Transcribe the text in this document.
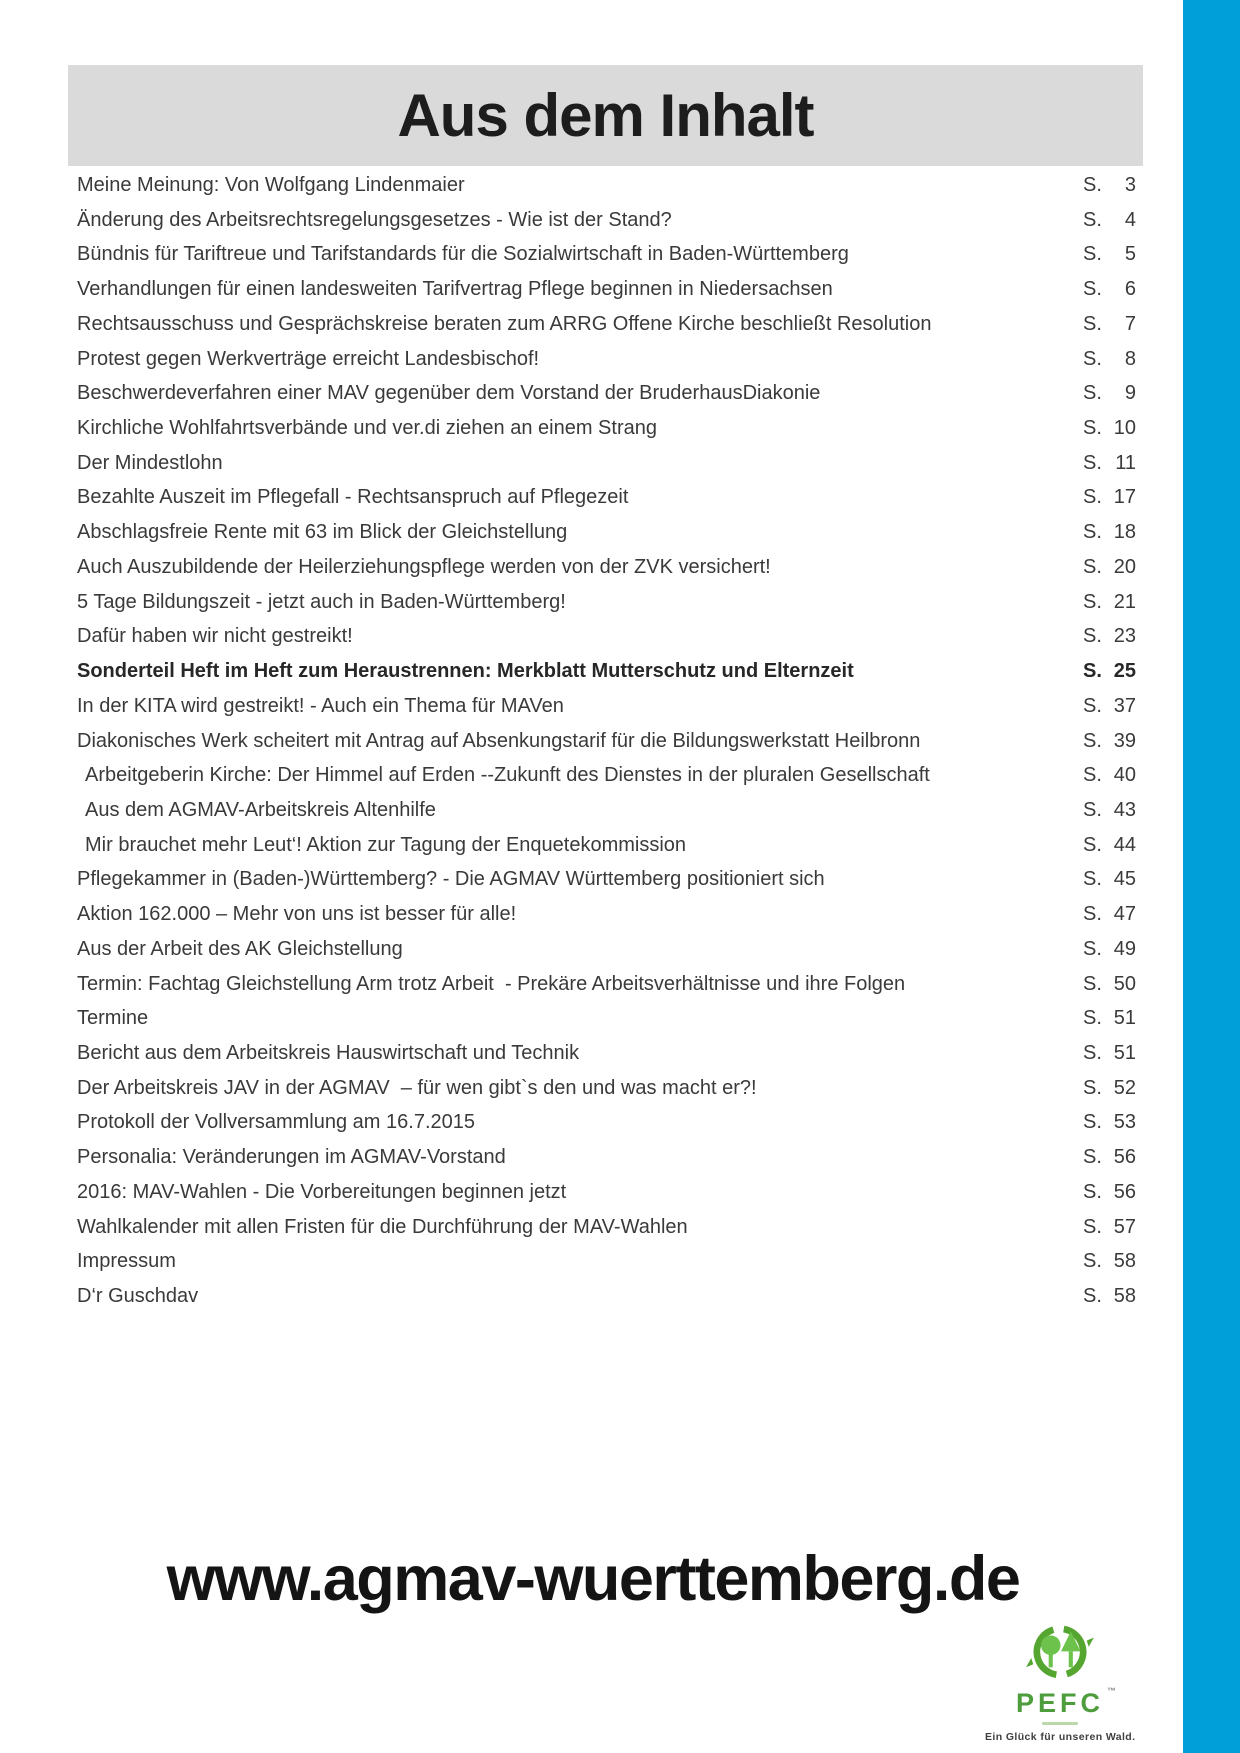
Aus dem Inhalt
Meine Meinung: Von Wolfgang Lindenmaier	S.	3
Änderung des Arbeitsrechtsregelungsgesetzes - Wie ist der Stand?	S.	4
Bündnis für Tariftreue und Tarifstandards für die Sozialwirtschaft in Baden-Württemberg	S.	5
Verhandlungen für einen landesweiten Tarifvertrag Pflege beginnen in Niedersachsen	S.	6
Rechtsausschuss und Gesprächskreise beraten zum ARRG Offene Kirche beschließt Resolution	S.	7
Protest gegen Werkverträge erreicht Landesbischof!	S.	8
Beschwerdeverfahren einer MAV gegenüber dem Vorstand der BruderhausDiakonie	S.	9
Kirchliche Wohlfahrtsverbände und ver.di ziehen an einem Strang	S. 10
Der Mindestlohn	S. 11
Bezahlte Auszeit im Pflegefall - Rechtsanspruch auf Pflegezeit	S. 17
Abschlagsfreie Rente mit 63 im Blick der Gleichstellung	S. 18
Auch Auszubildende der Heilerziehungspflege werden von der ZVK versichert!	S. 20
5 Tage Bildungszeit - jetzt auch in Baden-Württemberg!	S. 21
Dafür haben wir nicht gestreikt!	S. 23
Sonderteil Heft im Heft zum Heraustrennen: Merkblatt Mutterschutz und Elternzeit	S. 25
In der KITA wird gestreikt! - Auch ein Thema für MAVen	S. 37
Diakonisches Werk scheitert mit Antrag auf Absenkungstarif für die Bildungswerkstatt Heilbronn	S. 39
Arbeitgeberin Kirche: Der Himmel auf Erden --Zukunft des Dienstes in der pluralen Gesellschaft	S. 40
Aus dem AGMAV-Arbeitskreis Altenhilfe	S. 43
Mir brauchet mehr Leut‘! Aktion zur Tagung der Enquetekommission	S. 44
Pflegekammer in (Baden-)Württemberg? - Die AGMAV Württemberg positioniert sich	S. 45
Aktion 162.000 – Mehr von uns ist besser für alle!	S. 47
Aus der Arbeit des AK Gleichstellung	S. 49
Termin: Fachtag Gleichstellung Arm trotz Arbeit  - Prekäre Arbeitsverhältnisse und ihre Folgen	S. 50
Termine	S. 51
Bericht aus dem Arbeitskreis Hauswirtschaft und Technik	S. 51
Der Arbeitskreis JAV in der AGMAV  – für wen gibt`s den und was macht er?!	S. 52
Protokoll der Vollversammlung am 16.7.2015	S. 53
Personalia: Veränderungen im AGMAV-Vorstand	S. 56
2016: MAV-Wahlen - Die Vorbereitungen beginnen jetzt	S. 56
Wahlkalender mit allen Fristen für die Durchführung der MAV-Wahlen	S. 57
Impressum	S. 58
D‘r Guschdav	S. 58
www.agmav-wuerttemberg.de
PEFC ™
Ein Glück für unseren Wald.
